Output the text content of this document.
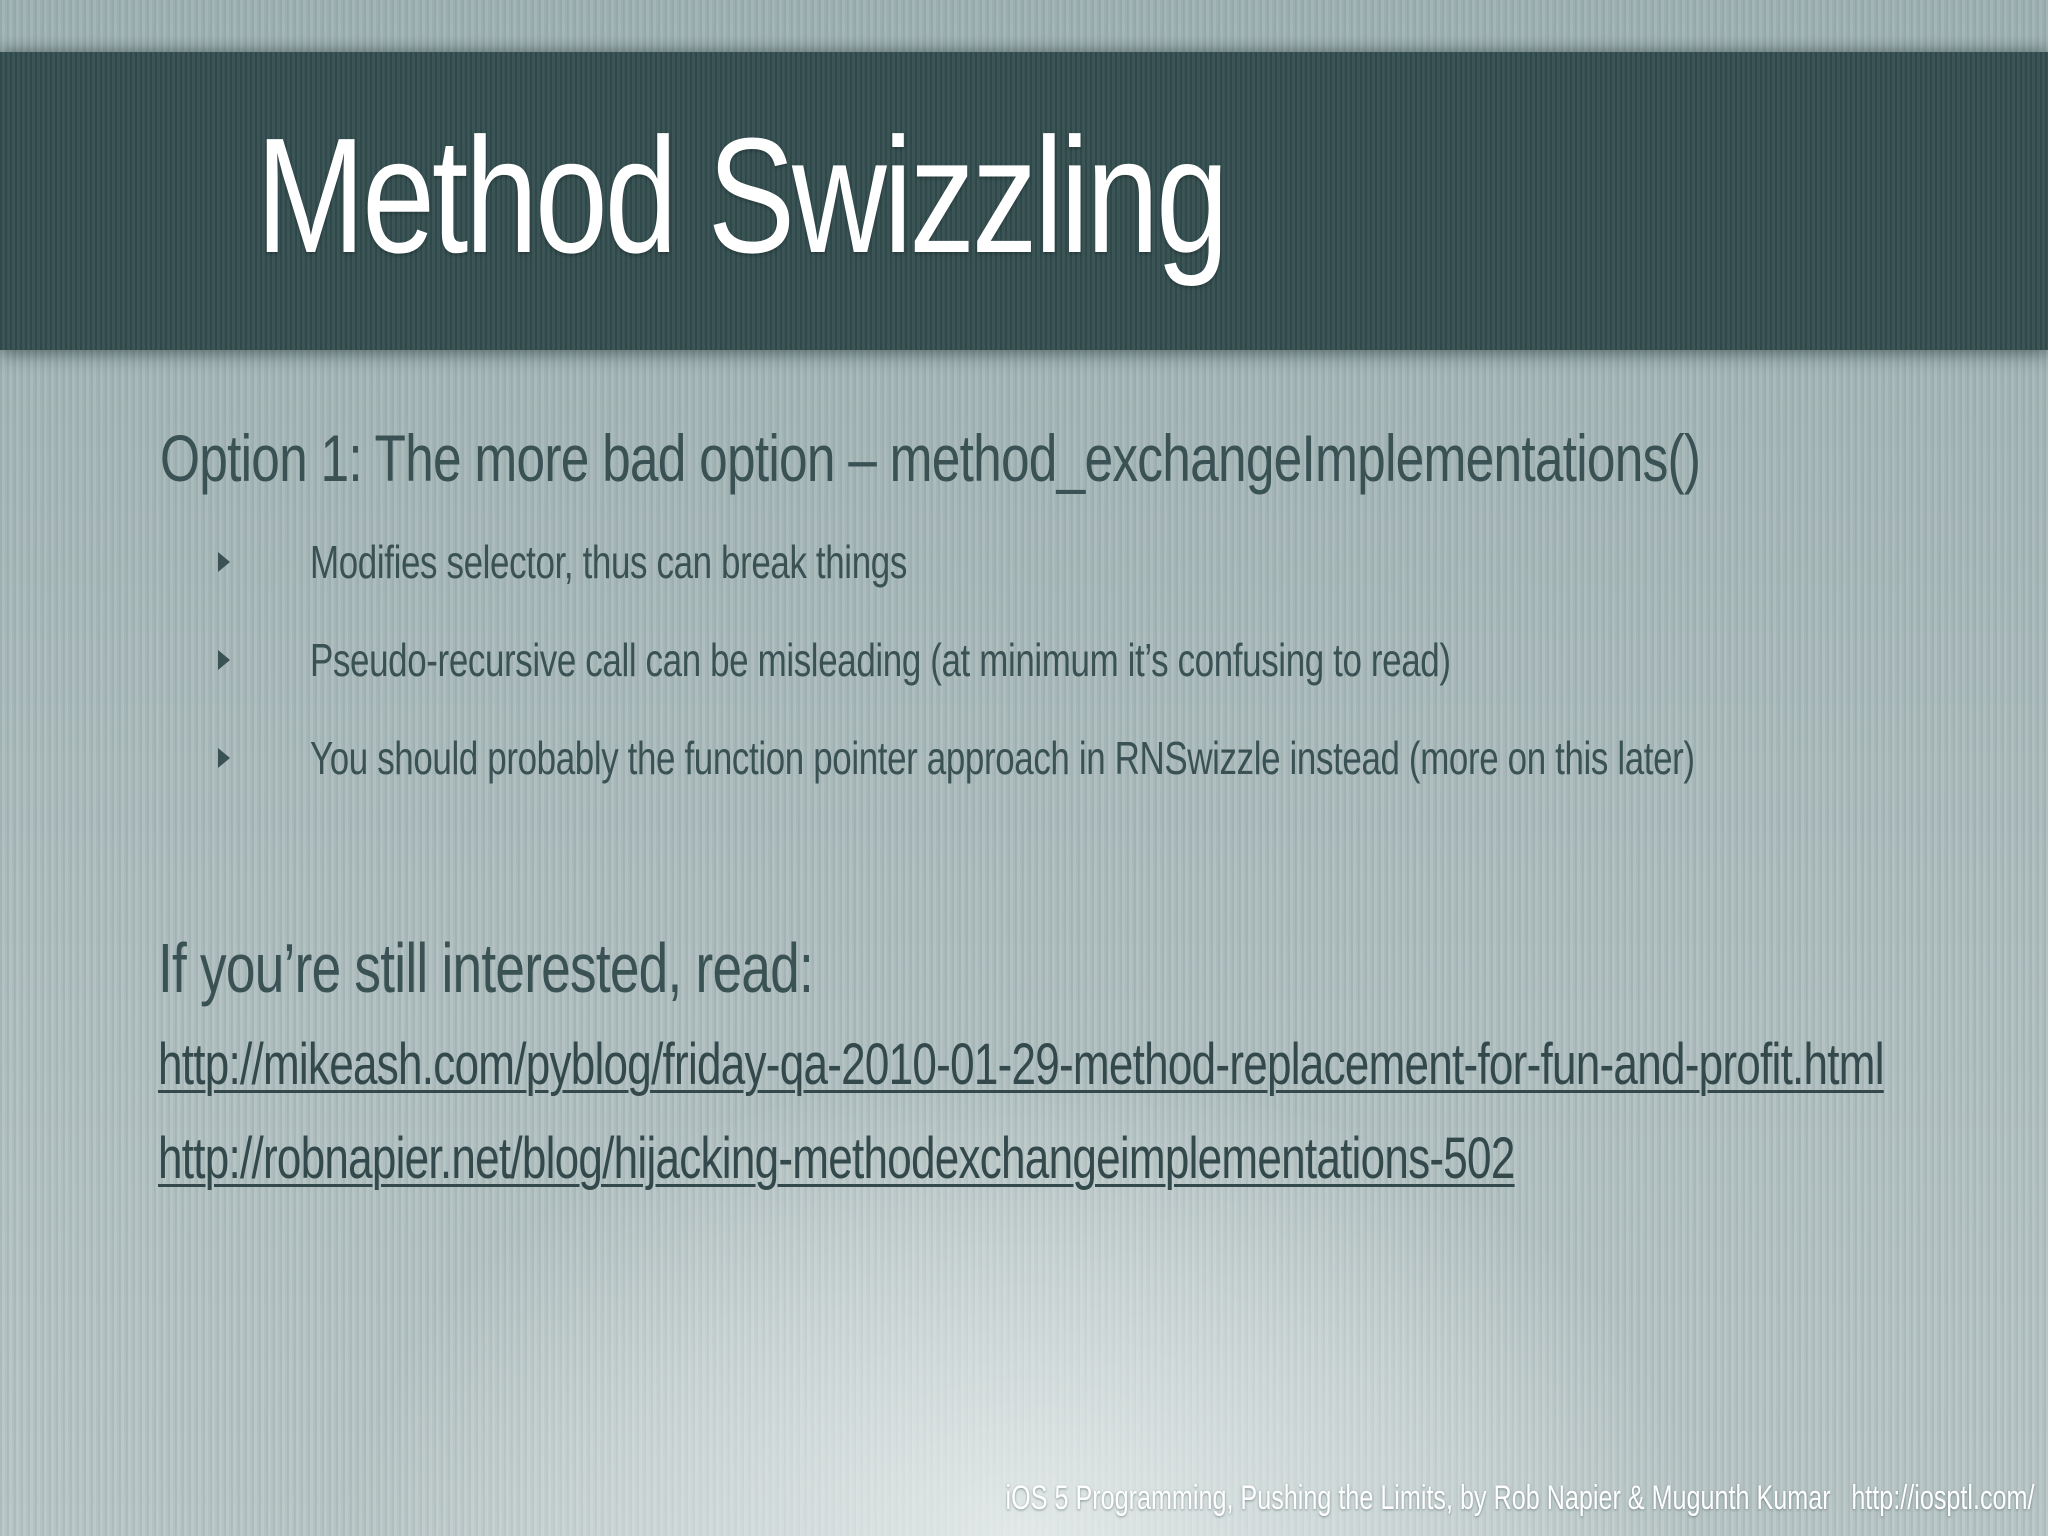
Method Swizzling

Option 1: The more bad option – method_exchangeImplementations()

Modifies selector, thus can break things
Pseudo-recursive call can be misleading (at minimum it’s confusing to read)
You should probably the function pointer approach in RNSwizzle instead (more on this later)

If you’re still interested, read:

http://mikeash.com/pyblog/friday-qa-2010-01-29-method-replacement-for-fun-and-profit.html
http://robnapier.net/blog/hijacking-methodexchangeimplementations-502

iOS 5 Programming, Pushing the Limits, by Rob Napier & Mugunth Kumar http://iosptl.com/
